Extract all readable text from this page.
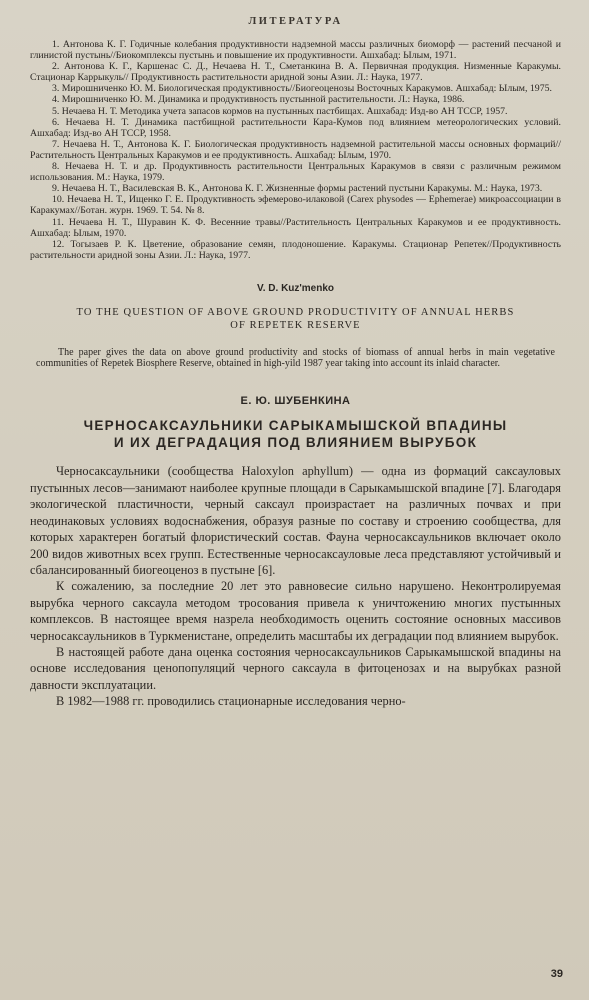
ЛИТЕРАТУРА

1. Антонова К. Г. Годичные колебания продуктивности надземной массы различных биоморф — растений песчаной и глинистой пустынь//Биокомплексы пустынь и повышение их продуктивности. Ашхабад: Ылым, 1971.

2. Антонова К. Г., Каршенас С. Д., Нечаева Н. Т., Сметанкина В. А. Первичная продукция. Низменные Каракумы. Стационар Каррыкуль// Продуктивность растительности аридной зоны Азии. Л.: Наука, 1977.

3. Мирошниченко Ю. М. Биологическая продуктивность//Биогеоценозы Восточных Каракумов. Ашхабад: Ылым, 1975.

4. Мирошниченко Ю. М. Динамика и продуктивность пустынной растительности. Л.: Наука, 1986.

5. Нечаева Н. Т. Методика учета запасов кормов на пустынных пастбищах. Ашхабад: Изд-во АН ТССР, 1957.

6. Нечаева Н. Т. Динамика пастбищной растительности Кара-Кумов под влиянием метеорологических условий. Ашхабад: Изд-во АН ТССР, 1958.

7. Нечаева Н. Т., Антонова К. Г. Биологическая продуктивность надземной растительной массы основных формаций//Растительность Центральных Каракумов и ее продуктивность. Ашхабад: Ылым, 1970.

8. Нечаева Н. Т. и др. Продуктивность растительности Центральных Каракумов в связи с различным режимом использования. М.: Наука, 1979.

9. Нечаева Н. Т., Василевская В. К., Антонова К. Г. Жизненные формы растений пустыни Каракумы. М.: Наука, 1973.

10. Нечаева Н. Т., Ищенко Г. Е. Продуктивность эфемерово-илаковой (Carex physodes — Ephemerae) микроассоциации в Каракумах//Ботан. журн. 1969. Т. 54. № 8.

11. Нечаева Н. Т., Шуравин К. Ф. Весенние травы//Растительность Центральных Каракумов и ее продуктивность. Ашхабад: Ылым, 1970.

12. Тогызаев Р. К. Цветение, образование семян, плодоношение. Каракумы. Стационар Репетек//Продуктивность растительности аридной зоны Азии. Л.: Наука, 1977.

V. D. Kuz'menko
TO THE QUESTION OF ABOVE GROUND PRODUCTIVITY OF ANNUAL HERBS
OF REPETEK RESERVE

The paper gives the data on above ground productivity and stocks of biomass of annual herbs in main vegetative communities of Repetek Biosphere Reserve, obtained in high-yild 1987 year taking into account its inlaid character.

Е. Ю. ШУБЕНКИНА
ЧЕРНОСАКСАУЛЬНИКИ САРЫКАМЫШСКОЙ ВПАДИНЫ
И ИХ ДЕГРАДАЦИЯ ПОД ВЛИЯНИЕМ ВЫРУБОК

Черносаксаульники (сообщества Haloxylon aphyllum) — одна из формаций саксауловых пустынных лесов—занимают наиболее крупные площади в Сарыкамышской впадине [7]. Благодаря экологической пластичности, черный саксаул произрастает на различных почвах и при неодинаковых условиях водоснабжения, образуя разные по составу и строению сообщества, для которых характерен богатый флористический состав. Фауна черносаксаульников включает около 200 видов животных всех групп. Естественные черносаксауловые леса представляют устойчивый и сбалансированный биогеоценоз в пустыне [6].

К сожалению, за последние 20 лет это равновесие сильно нарушено. Неконтролируемая вырубка черного саксаула методом тросования привела к уничтожению многих пустынных комплексов. В настоящее время назрела необходимость оценить состояние основных массивов черносаксаульников в Туркменистане, определить масштабы их деградации под влиянием вырубок.

В настоящей работе дана оценка состояния черносаксаульников Сарыкамышской впадины на основе исследования ценопопуляций черного саксаула в фитоценозах и на вырубках разной давности эксплуатации.

В 1982—1988 гг. проводились стационарные исследования черно-

39
